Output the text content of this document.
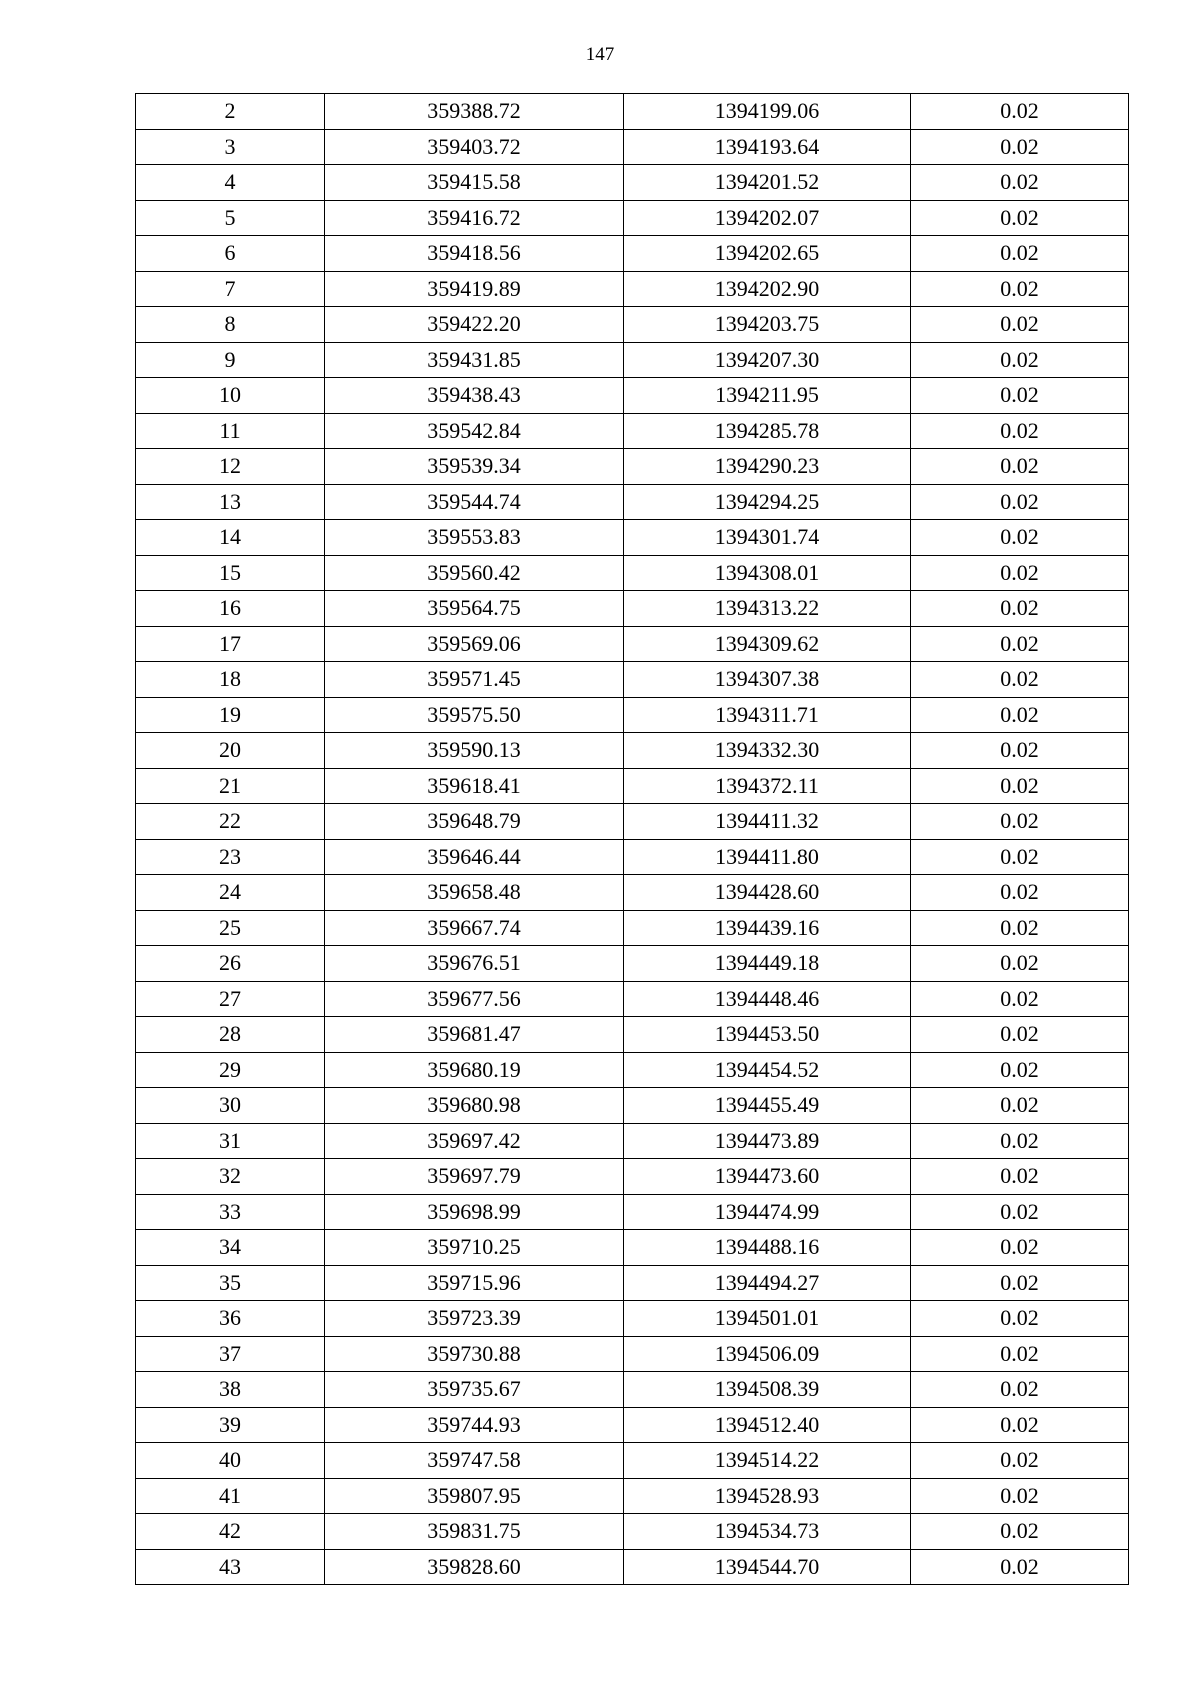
147
2	359388.72	1394199.06	0.02
3	359403.72	1394193.64	0.02
4	359415.58	1394201.52	0.02
5	359416.72	1394202.07	0.02
6	359418.56	1394202.65	0.02
7	359419.89	1394202.90	0.02
8	359422.20	1394203.75	0.02
9	359431.85	1394207.30	0.02
10	359438.43	1394211.95	0.02
11	359542.84	1394285.78	0.02
12	359539.34	1394290.23	0.02
13	359544.74	1394294.25	0.02
14	359553.83	1394301.74	0.02
15	359560.42	1394308.01	0.02
16	359564.75	1394313.22	0.02
17	359569.06	1394309.62	0.02
18	359571.45	1394307.38	0.02
19	359575.50	1394311.71	0.02
20	359590.13	1394332.30	0.02
21	359618.41	1394372.11	0.02
22	359648.79	1394411.32	0.02
23	359646.44	1394411.80	0.02
24	359658.48	1394428.60	0.02
25	359667.74	1394439.16	0.02
26	359676.51	1394449.18	0.02
27	359677.56	1394448.46	0.02
28	359681.47	1394453.50	0.02
29	359680.19	1394454.52	0.02
30	359680.98	1394455.49	0.02
31	359697.42	1394473.89	0.02
32	359697.79	1394473.60	0.02
33	359698.99	1394474.99	0.02
34	359710.25	1394488.16	0.02
35	359715.96	1394494.27	0.02
36	359723.39	1394501.01	0.02
37	359730.88	1394506.09	0.02
38	359735.67	1394508.39	0.02
39	359744.93	1394512.40	0.02
40	359747.58	1394514.22	0.02
41	359807.95	1394528.93	0.02
42	359831.75	1394534.73	0.02
43	359828.60	1394544.70	0.02
